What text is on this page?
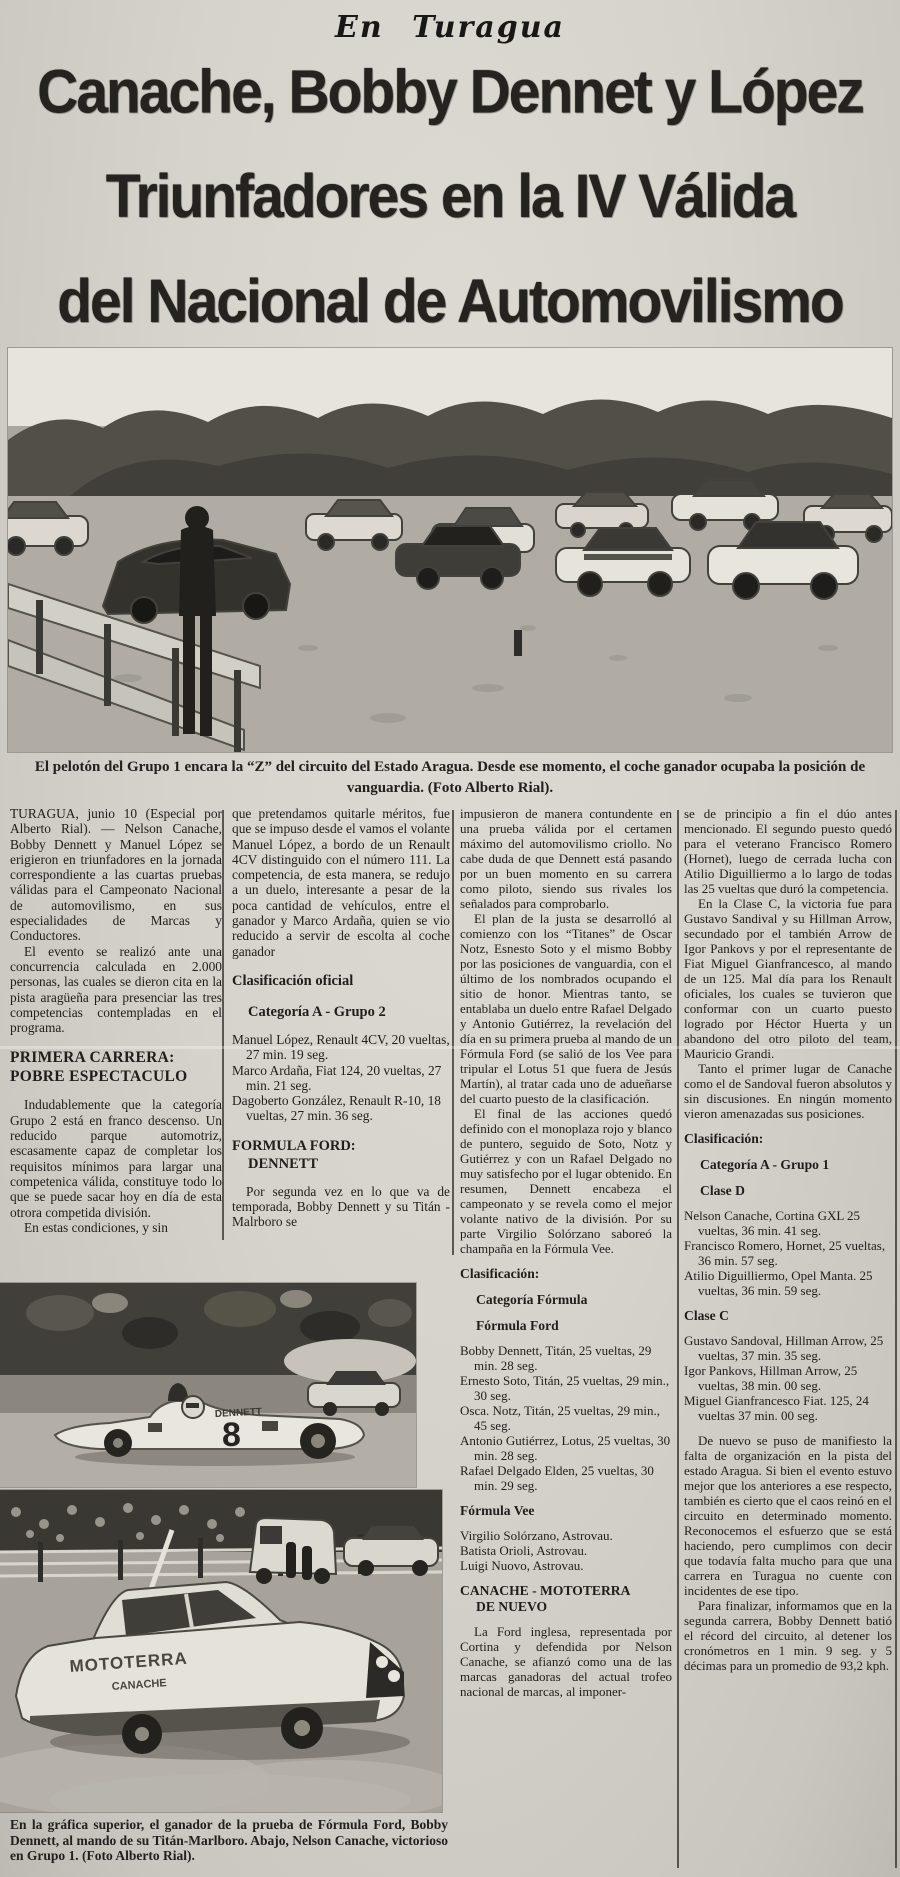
En Turagua
Canache, Bobby Dennet y López
Triunfadores en la IV Válida
del Nacional de Automovilismo

El pelotón del Grupo 1 encara la “Z” del circuito del Estado Aragua. Desde ese momento, el coche ganador ocupaba la posición de vanguardia. (Foto Alberto Rial).

TURAGUA, junio 10 (Especial por Alberto Rial). — Nelson Canache, Bobby Dennett y Manuel López se erigieron en triunfadores en la jornada correspondiente a las cuartas pruebas válidas para el Campeonato Nacional de automovilismo, en sus especialidades de Marcas y Conductores.

El evento se realizó ante una concurrencia calculada en 2.000 personas, las cuales se dieron cita en la pista aragüeña para presenciar las tres competencias contempladas en el programa.

PRIMERA CARRERA:
POBRE ESPECTACULO

Indudablemente que la categoría Grupo 2 está en franco descenso. Un reducido parque automotriz, escasamente capaz de completar los requisitos mínimos para largar una competenica válida, constituye todo lo que se puede sacar hoy en día de esta otrora competida división.

En estas condiciones, y sin

que pretendamos quitarle méritos, fue que se impuso desde el vamos el volante Manuel López, a bordo de un Renault 4CV distinguido con el número 111. La competencia, de esta manera, se redujo a un duelo, interesante a pesar de la poca cantidad de vehículos, entre el ganador y Marco Ardaña, quien se vio reducido a servir de escolta al coche ganador

Clasificación oficial
Categoría A - Grupo 2

Manuel López, Renault 4CV, 20 vueltas, 27 min. 19 seg.

Marco Ardaña, Fiat 124, 20 vueltas, 27 min. 21 seg.

Dagoberto González, Renault R-10, 18 vueltas, 27 min. 36 seg.

FORMULA FORD:
DENNETT

Por segunda vez en lo que va de temporada, Bobby Dennett y su Titán - Malrboro se

impusieron de manera contundente en una prueba válida por el certamen máximo del automovilismo criollo. No cabe duda de que Dennett está pasando por un buen momento en su carrera como piloto, siendo sus rivales los señalados para comprobarlo.

El plan de la justa se desarrolló al comienzo con los “Titanes” de Oscar Notz, Esnesto Soto y el mismo Bobby por las posiciones de vanguardia, con el último de los nombrados ocupando el sitio de honor. Mientras tanto, se entablaba un duelo entre Rafael Delgado y Antonio Gutiérrez, la revelación del día en su primera prueba al mando de un Fórmula Ford (se salió de los Vee para tripular el Lotus 51 que fuera de Jesús Martín), al tratar cada uno de adueñarse del cuarto puesto de la clasificación.

El final de las acciones quedó definido con el monoplaza rojo y blanco de puntero, seguido de Soto, Notz y Gutiérrez y con un Rafael Delgado no muy satisfecho por el lugar obtenido. En resumen, Dennett encabeza el campeonato y se revela como el mejor volante nativo de la división. Por su parte Virgilio Solórzano saboreó la champaña en la Fórmula Vee.

Clasificación:
Categoría Fórmula
Fórmula Ford

Bobby Dennett, Titán, 25 vueltas, 29 min. 28 seg.

Ernesto Soto, Titán, 25 vueltas, 29 min., 30 seg.

Osca. Notz, Titán, 25 vueltas, 29 min., 45 seg.

Antonio Gutiérrez, Lotus, 25 vueltas, 30 min. 28 seg.

Rafael Delgado Elden, 25 vueltas, 30 min. 29 seg.

Fórmula Vee

Virgilio Solórzano, Astrovau.

Batista Orioli, Astrovau.

Luigi Nuovo, Astrovau.

CANACHE - MOTOTERRA
DE NUEVO

La Ford inglesa, representada por Cortina y defendida por Nelson Canache, se afianzó como una de las marcas ganadoras del actual trofeo nacional de marcas, al imponer-

se de principio a fin el dúo antes mencionado. El segundo puesto quedó para el veterano Francisco Romero (Hornet), luego de cerrada lucha con Atilio Diguilliermo a lo largo de todas las 25 vueltas que duró la competencia.

En la Clase C, la victoria fue para Gustavo Sandival y su Hillman Arrow, secundado por el también Arrow de Igor Pankovs y por el representante de Fiat Miguel Gianfrancesco, al mando de un 125. Mal día para los Renault oficiales, los cuales se tuvieron que conformar con un cuarto puesto logrado por Héctor Huerta y un abandono del otro piloto del team, Mauricio Grandi.

Tanto el primer lugar de Canache como el de Sandoval fueron absolutos y sin discusiones. En ningún momento vieron amenazadas sus posiciones.

Clasificación:
Categoría A - Grupo 1
Clase D

Nelson Canache, Cortina GXL 25 vueltas, 36 min. 41 seg.

Francisco Romero, Hornet, 25 vueltas, 36 min. 57 seg.

Atilio Diguilliermo, Opel Manta. 25 vueltas, 36 min. 59 seg.

Clase C

Gustavo Sandoval, Hillman Arrow, 25 vueltas, 37 min. 35 seg.

Igor Pankovs, Hillman Arrow, 25 vueltas, 38 min. 00 seg.

Miguel Gianfrancesco Fiat. 125, 24 vueltas 37 min. 00 seg.

De nuevo se puso de manifiesto la falta de organización en la pista del estado Aragua. Si bien el evento estuvo mejor que los anteriores a ese respecto, también es cierto que el caos reinó en el circuito en determinado momento. Reconocemos el esfuerzo que se está haciendo, pero cumplimos con decir que todavía falta mucho para que una carrera en Turagua no cuente con incidentes de ese tipo.

Para finalizar, informamos que en la segunda carrera, Bobby Dennett batió el récord del circuito, al detener los cronómetros en 1 min. 9 seg. y 5 décimas para un promedio de 93,2 kph.

DENNETT
8
MOTOTERRA
CANACHE

En la gráfica superior, el ganador de la prueba de Fórmula Ford, Bobby Dennett, al mando de su Titán-Marlboro. Abajo, Nelson Canache, victorioso en Grupo 1. (Foto Alberto Rial).
